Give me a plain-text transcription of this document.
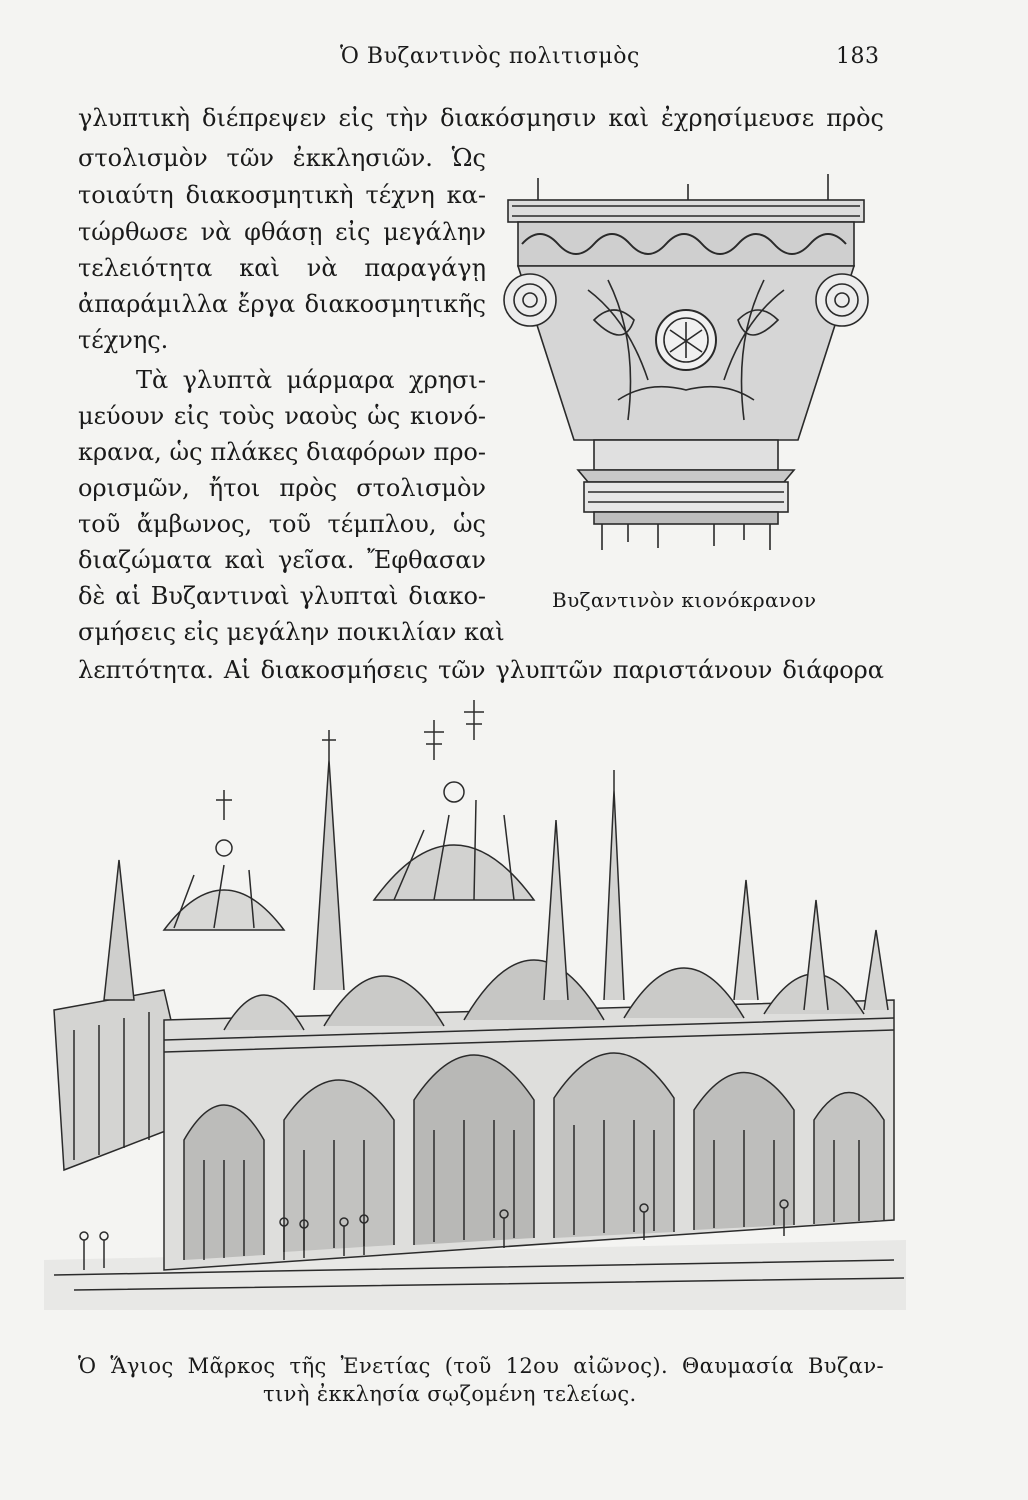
Ὁ Βυζαντινὸς πολιτισμὸς	183
γλυπτικὴ διέπρεψεν εἰς τὴν διακόσμησιν καὶ ἐχρησίμευσε πρὸς
στολισμὸν τῶν ἐκκλησιῶν. Ὡς
τοιαύτη διακοσμητικὴ τέχνη κα-
τώρθωσε νὰ φθάσῃ εἰς μεγάλην
τελειότητα καὶ νὰ παραγάγῃ
ἀπαράμιλλα ἔργα διακοσμητικῆς
τέχνης.
Τὰ γλυπτὰ μάρμαρα χρησι-
μεύουν εἰς τοὺς ναοὺς ὡς κιονό-
κρανα, ὡς πλάκες διαφόρων προ-
ορισμῶν, ἤτοι πρὸς στολισμὸν
τοῦ ἄμβωνος, τοῦ τέμπλου, ὡς
διαζώματα καὶ γεῖσα. Ἔφθασαν
δὲ αἱ Βυζαντιναὶ γλυπταὶ διακο-
σμήσεις εἰς μεγάλην ποικιλίαν καὶ
λεπτότητα. Αἱ διακοσμήσεις τῶν γλυπτῶν παριστάνουν διάφορα
Βυζαντινὸν κιονόκρανον
Ὁ Ἅγιος Μᾶρκος τῆς Ἐνετίας (τοῦ 12ου αἰῶνος). Θαυμασία Βυζαν-
τινὴ ἐκκλησία σῳζομένη τελείως.
